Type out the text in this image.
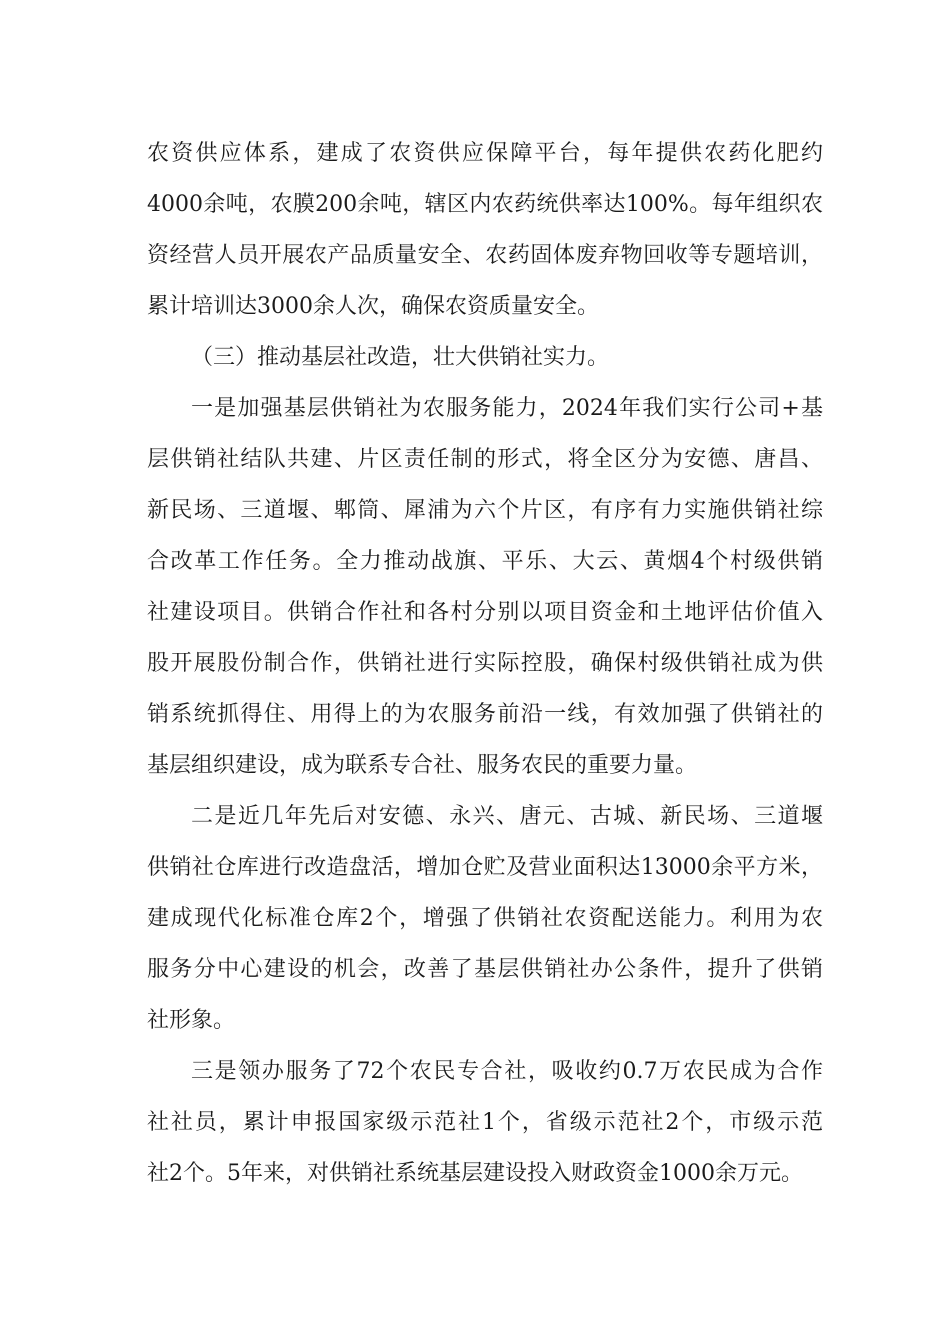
农资供应体系，建成了农资供应保障平台，每年提供农药化肥约
4000余吨，农膜200余吨，辖区内农药统供率达100%。每年组织农
资经营人员开展农产品质量安全、农药固体废弃物回收等专题培训，
累计培训达3000余人次，确保农资质量安全。
（三）推动基层社改造，壮大供销社实力。
一是加强基层供销社为农服务能力，2024年我们实行公司+基
层供销社结队共建、片区责任制的形式，将全区分为安德、唐昌、
新民场、三道堰、郫筒、犀浦为六个片区，有序有力实施供销社综
合改革工作任务。全力推动战旗、平乐、大云、黄烟4个村级供销
社建设项目。供销合作社和各村分别以项目资金和土地评估价值入
股开展股份制合作，供销社进行实际控股，确保村级供销社成为供
销系统抓得住、用得上的为农服务前沿一线，有效加强了供销社的
基层组织建设，成为联系专合社、服务农民的重要力量。
二是近几年先后对安德、永兴、唐元、古城、新民场、三道堰
供销社仓库进行改造盘活，增加仓贮及营业面积达13000余平方米，
建成现代化标准仓库2个，增强了供销社农资配送能力。利用为农
服务分中心建设的机会，改善了基层供销社办公条件，提升了供销
社形象。
三是领办服务了72个农民专合社，吸收约0.7万农民成为合作
社社员，累计申报国家级示范社1个，省级示范社2个，市级示范
社2个。5年来，对供销社系统基层建设投入财政资金1000余万元。
